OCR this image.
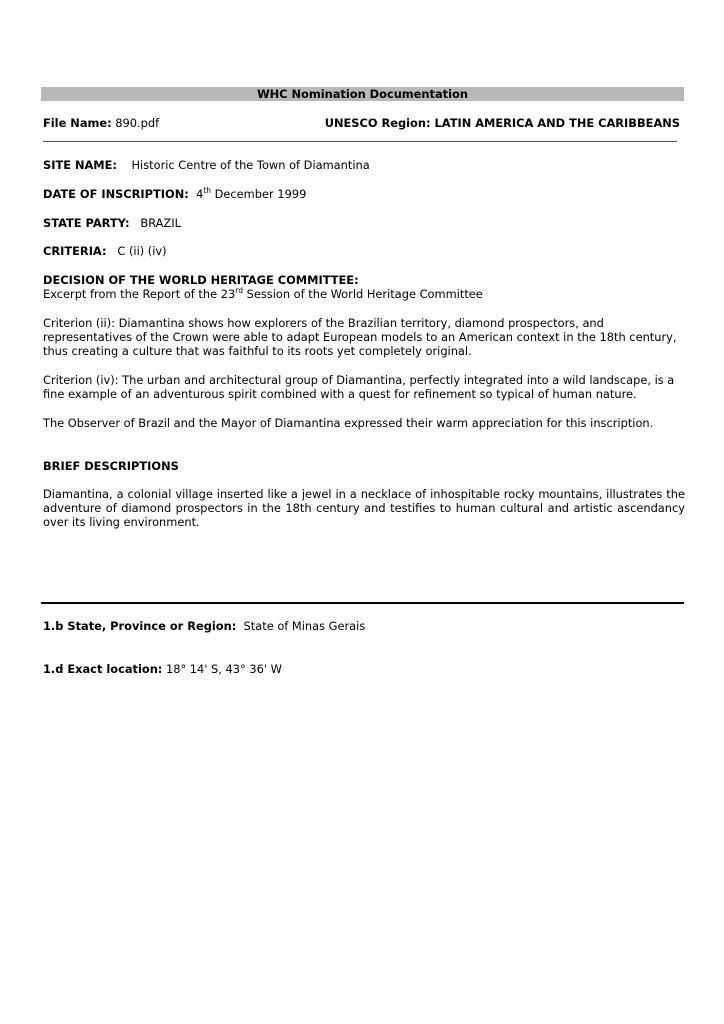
WHC Nomination Documentation
File Name: 890.pdf	UNESCO Region: LATIN AMERICA AND THE CARIBBEANS
SITE NAME: Historic Centre of the Town of Diamantina
DATE OF INSCRIPTION: 4th December 1999
STATE PARTY: BRAZIL
CRITERIA: C (ii) (iv)
DECISION OF THE WORLD HERITAGE COMMITTEE:
Excerpt from the Report of the 23rd Session of the World Heritage Committee
Criterion (ii): Diamantina shows how explorers of the Brazilian territory, diamond prospectors, and representatives of the Crown were able to adapt European models to an American context in the 18th century, thus creating a culture that was faithful to its roots yet completely original.
Criterion (iv): The urban and architectural group of Diamantina, perfectly integrated into a wild landscape, is a fine example of an adventurous spirit combined with a quest for refinement so typical of human nature.
The Observer of Brazil and the Mayor of Diamantina expressed their warm appreciation for this inscription.
BRIEF DESCRIPTIONS
Diamantina, a colonial village inserted like a jewel in a necklace of inhospitable rocky mountains, illustrates the adventure of diamond prospectors in the 18th century and testifies to human cultural and artistic ascendancy over its living environment.
1.b State, Province or Region: State of Minas Gerais
1.d Exact location: 18° 14' S, 43° 36' W
